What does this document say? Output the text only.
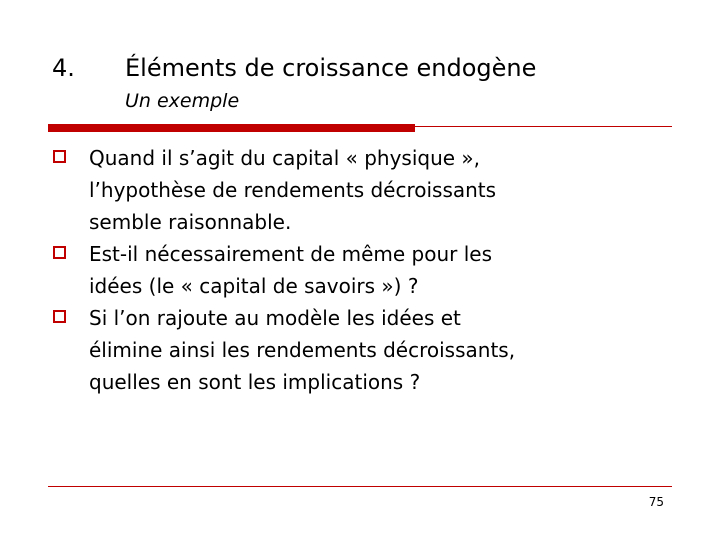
4. Éléments de croissance endogène
Un exemple
Quand il s’agit du capital « physique »,
l’hypothèse de rendements décroissants
semble raisonnable.
Est-il nécessairement de même pour les
idées (le « capital de savoirs ») ?
Si l’on rajoute au modèle les idées et
élimine ainsi les rendements décroissants,
quelles en sont les implications ?
75
